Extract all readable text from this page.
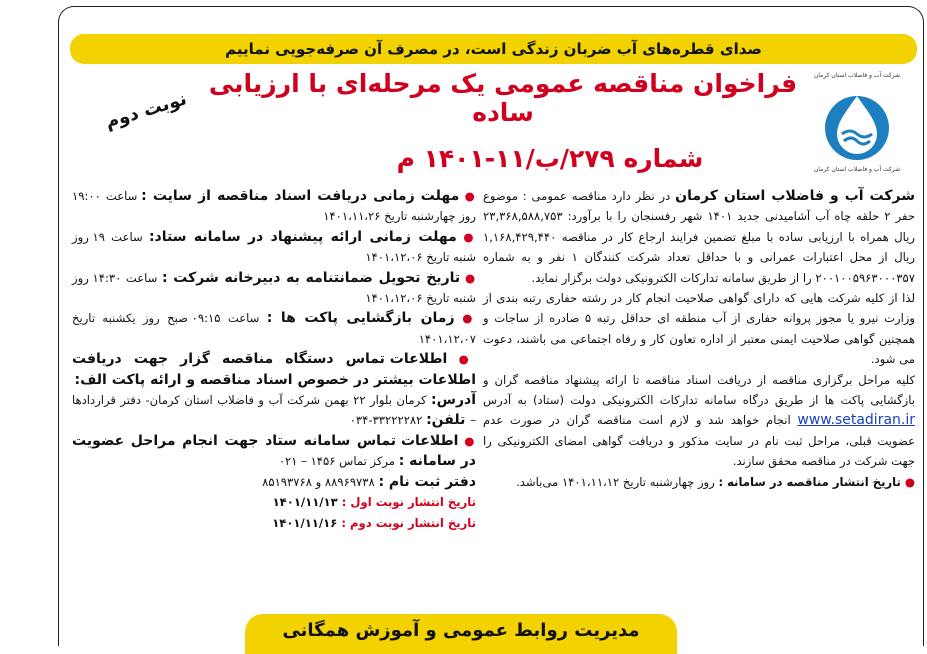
صدای قطره‌های آب ضربان زندگی است، در مصرف آن صرفه‌جویی نماییم
شرکت آب و فاضلاب استان کرمان
شرکت آب و فاضلاب استان کرمان
فراخوان مناقصه عمومی یک مرحله‌ای با ارزیابی ساده
شماره ۲۷۹/ب/۱۱-۱۴۰۱ م
نوبت دوم

شرکت آب و فاضلاب استان کرمان در نظر دارد مناقصه عمومی : موضوع حفر ۲ حلقه چاه آب آشامیدنی جدید ۱۴۰۱ شهر رفسنجان را با برآورد: ۲۳,۳۶۸,۵۸۸,۷۵۳ ریال همراه با ارزیابی ساده با مبلغ تضمین فرایند ارجاع کار در مناقصه ۱,۱۶۸,۴۲۹,۴۴۰ ریال از محل اعتبارات عمرانی و با حداقل تعداد شرکت کنندگان ۱ نفر و به شماره ۲۰۰۱۰۰۵۹۶۳۰۰۰۳۵۷ را از طریق سامانه تدارکات الکترونیکی دولت برگزار نماید.

لذا از کلیه شرکت هایی که دارای گواهی صلاحیت انجام کار در رشته حفاری رتبه بندی از وزارت نیرو یا مجوز پروانه حفاری از آب منطقه ای حداقل رتبه ۵ صادره از ساجات و همچنین گواهی صلاحیت ایمنی معتبر از اداره تعاون کار و رفاه اجتماعی می باشند، دعوت می شود.

کلیه مراحل برگزاری مناقصه از دریافت اسناد مناقصه تا ارائه پیشنهاد مناقصه گران و بازگشایی پاکت ها از طریق درگاه سامانه تدارکات الکترونیکی دولت (ستاد) به آدرس www.setadiran.ir انجام خواهد شد و لازم است مناقصه گران در صورت عدم عضویت قبلی، مراحل ثبت نام در سایت مذکور و دریافت گواهی امضای الکترونیکی را جهت شرکت در مناقصه محقق سازند.

● تاریخ انتشار مناقصه در سامانه : روز چهارشنبه تاریخ ۱۴۰۱،۱۱،۱۲ می‌باشد.

● مهلت زمانی دریافت اسناد مناقصه از سایت : ساعت ۱۹:۰۰ روز چهارشنبه تاریخ ۱۴۰۱،۱۱،۲۶

● مهلت زمانی ارائه پیشنهاد در سامانه ستاد: ساعت ۱۹ روز شنبه تاریخ ۱۴۰۱،۱۲،۰۶

● تاریخ تحویل ضمانتنامه به دبیرخانه شرکت : ساعت ۱۴:۳۰ روز شنبه تاریخ ۱۴۰۱،۱۲،۰۶

● زمان بازگشایی پاکت ها : ساعت ۰۹:۱۵ صبح روز یکشنبه تاریخ ۱۴۰۱،۱۲،۰۷

● اطلاعات تماس دستگاه مناقصه گزار جهت دریافت اطلاعات بیشتر در خصوص اسناد مناقصه و ارائه پاکت الف:

آدرس: کرمان بلوار ۲۲ بهمن شرکت آب و فاضلاب استان کرمان- دفتر قراردادها – تلفن: ۳۳۲۲۲۲۸۲-۰۳۴

● اطلاعات تماس سامانه ستاد جهت انجام مراحل عضویت در سامانه : مرکز تماس ۱۴۵۶ – ۰۲۱

دفتر ثبت نام : ۸۸۹۶۹۷۳۸ و ۸۵۱۹۳۷۶۸

تاریخ انتشار نوبت اول : ۱۴۰۱/۱۱/۱۳

تاریخ انتشار نوبت دوم : ۱۴۰۱/۱۱/۱۶

مدیریت روابط عمومی و آموزش همگانی
